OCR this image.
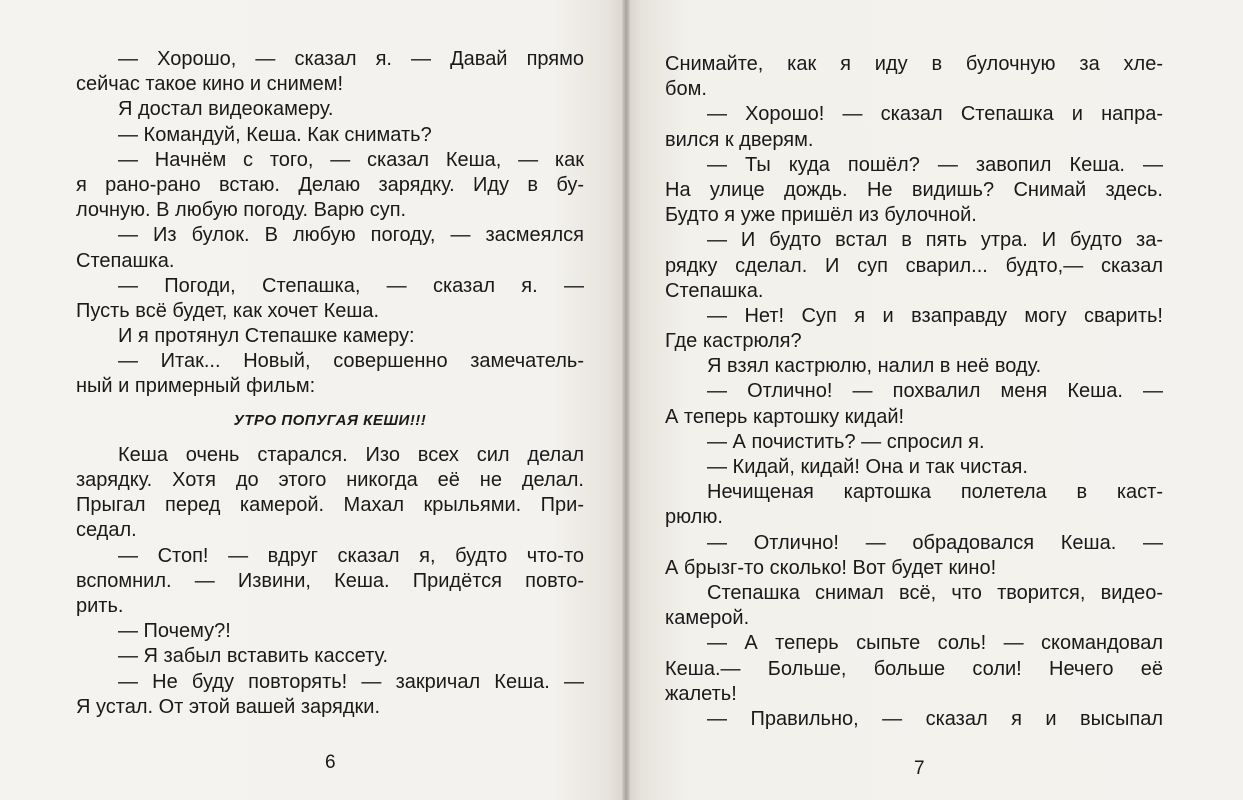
— Хорошо, — сказал я. — Давай прямо
сейчас такое кино и снимем!
Я достал видеокамеру.
— Командуй, Кеша. Как снимать?
— Начнём с того, — сказал Кеша, — как
я рано-рано встаю. Делаю зарядку. Иду в бу-
лочную. В любую погоду. Варю суп.
— Из булок. В любую погоду, — засмеялся
Степашка.
— Погоди, Степашка, — сказал я. —
Пусть всё будет, как хочет Кеша.
И я протянул Степашке камеру:
— Итак... Новый, совершенно замечатель-
ный и примерный фильм:
УТРО ПОПУГАЯ КЕШИ!!!
Кеша очень старался. Изо всех сил делал
зарядку. Хотя до этого никогда её не делал.
Прыгал перед камерой. Махал крыльями. При-
седал.
— Стоп! — вдруг сказал я, будто что-то
вспомнил. — Извини, Кеша. Придётся повто-
рить.
— Почему?!
— Я забыл вставить кассету.
— Не буду повторять! — закричал Кеша. —
Я устал. От этой вашей зарядки.
6
Снимайте, как я иду в булочную за хле-
бом.
— Хорошо! — сказал Степашка и напра-
вился к дверям.
— Ты куда пошёл? — завопил Кеша. —
На улице дождь. Не видишь? Снимай здесь.
Будто я уже пришёл из булочной.
— И будто встал в пять утра. И будто за-
рядку сделал. И суп сварил... будто,— сказал
Степашка.
— Нет! Суп я и взаправду могу сварить!
Где кастрюля?
Я взял кастрюлю, налил в неё воду.
— Отлично! — похвалил меня Кеша. —
А теперь картошку кидай!
— А почистить? — спросил я.
— Кидай, кидай! Она и так чистая.
Нечищеная картошка полетела в каст-
рюлю.
— Отлично! — обрадовался Кеша. —
А брызг-то сколько! Вот будет кино!
Степашка снимал всё, что творится, видео-
камерой.
— А теперь сыпьте соль! — скомандовал
Кеша.— Больше, больше соли! Нечего её
жалеть!
— Правильно, — сказал я и высыпал
7
